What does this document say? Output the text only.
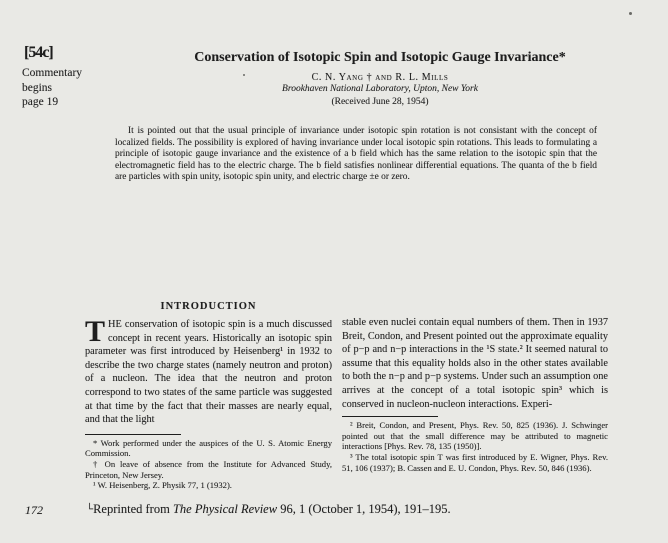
[54c]
Commentary
begins
page 19
Conservation of Isotopic Spin and Isotopic Gauge Invariance*
C. N. Yang † and R. L. Mills
Brookhaven National Laboratory, Upton, New York
(Received June 28, 1954)
It is pointed out that the usual principle of invariance under isotopic spin rotation is not consistant with the concept of localized fields. The possibility is explored of having invariance under local isotopic spin rotations. This leads to formulating a principle of isotopic gauge invariance and the existence of a b field which has the same relation to the isotopic spin that the electromagnetic field has to the electric charge. The b field satisfies nonlinear differential equations. The quanta of the b field are particles with spin unity, isotopic spin unity, and electric charge ±e or zero.
INTRODUCTION
THE conservation of isotopic spin is a much discussed concept in recent years. Historically an isotopic spin parameter was first introduced by Heisenberg¹ in 1932 to describe the two charge states (namely neutron and proton) of a nucleon. The idea that the neutron and proton correspond to two states of the same particle was suggested at that time by the fact that their masses are nearly equal, and that the light

* Work performed under the auspices of the U. S. Atomic Energy Commission.

† On leave of absence from the Institute for Advanced Study, Princeton, New Jersey.

¹ W. Heisenberg, Z. Physik 77, 1 (1932).

stable even nuclei contain equal numbers of them. Then in 1937 Breit, Condon, and Present pointed out the approximate equality of p−p and n−p interactions in the ¹S state.² It seemed natural to assume that this equality holds also in the other states available to both the n−p and p−p systems. Under such an assumption one arrives at the concept of a total isotopic spin³ which is conserved in nucleon-nucleon interactions. Experi-

² Breit, Condon, and Present, Phys. Rev. 50, 825 (1936). J. Schwinger pointed out that the small difference may be attributed to magnetic interactions [Phys. Rev. 78, 135 (1950)].

³ The total isotopic spin T was first introduced by E. Wigner, Phys. Rev. 51, 106 (1937); B. Cassen and E. U. Condon, Phys. Rev. 50, 846 (1936).

172	└Reprinted from The Physical Review 96, 1 (October 1, 1954), 191–195.
